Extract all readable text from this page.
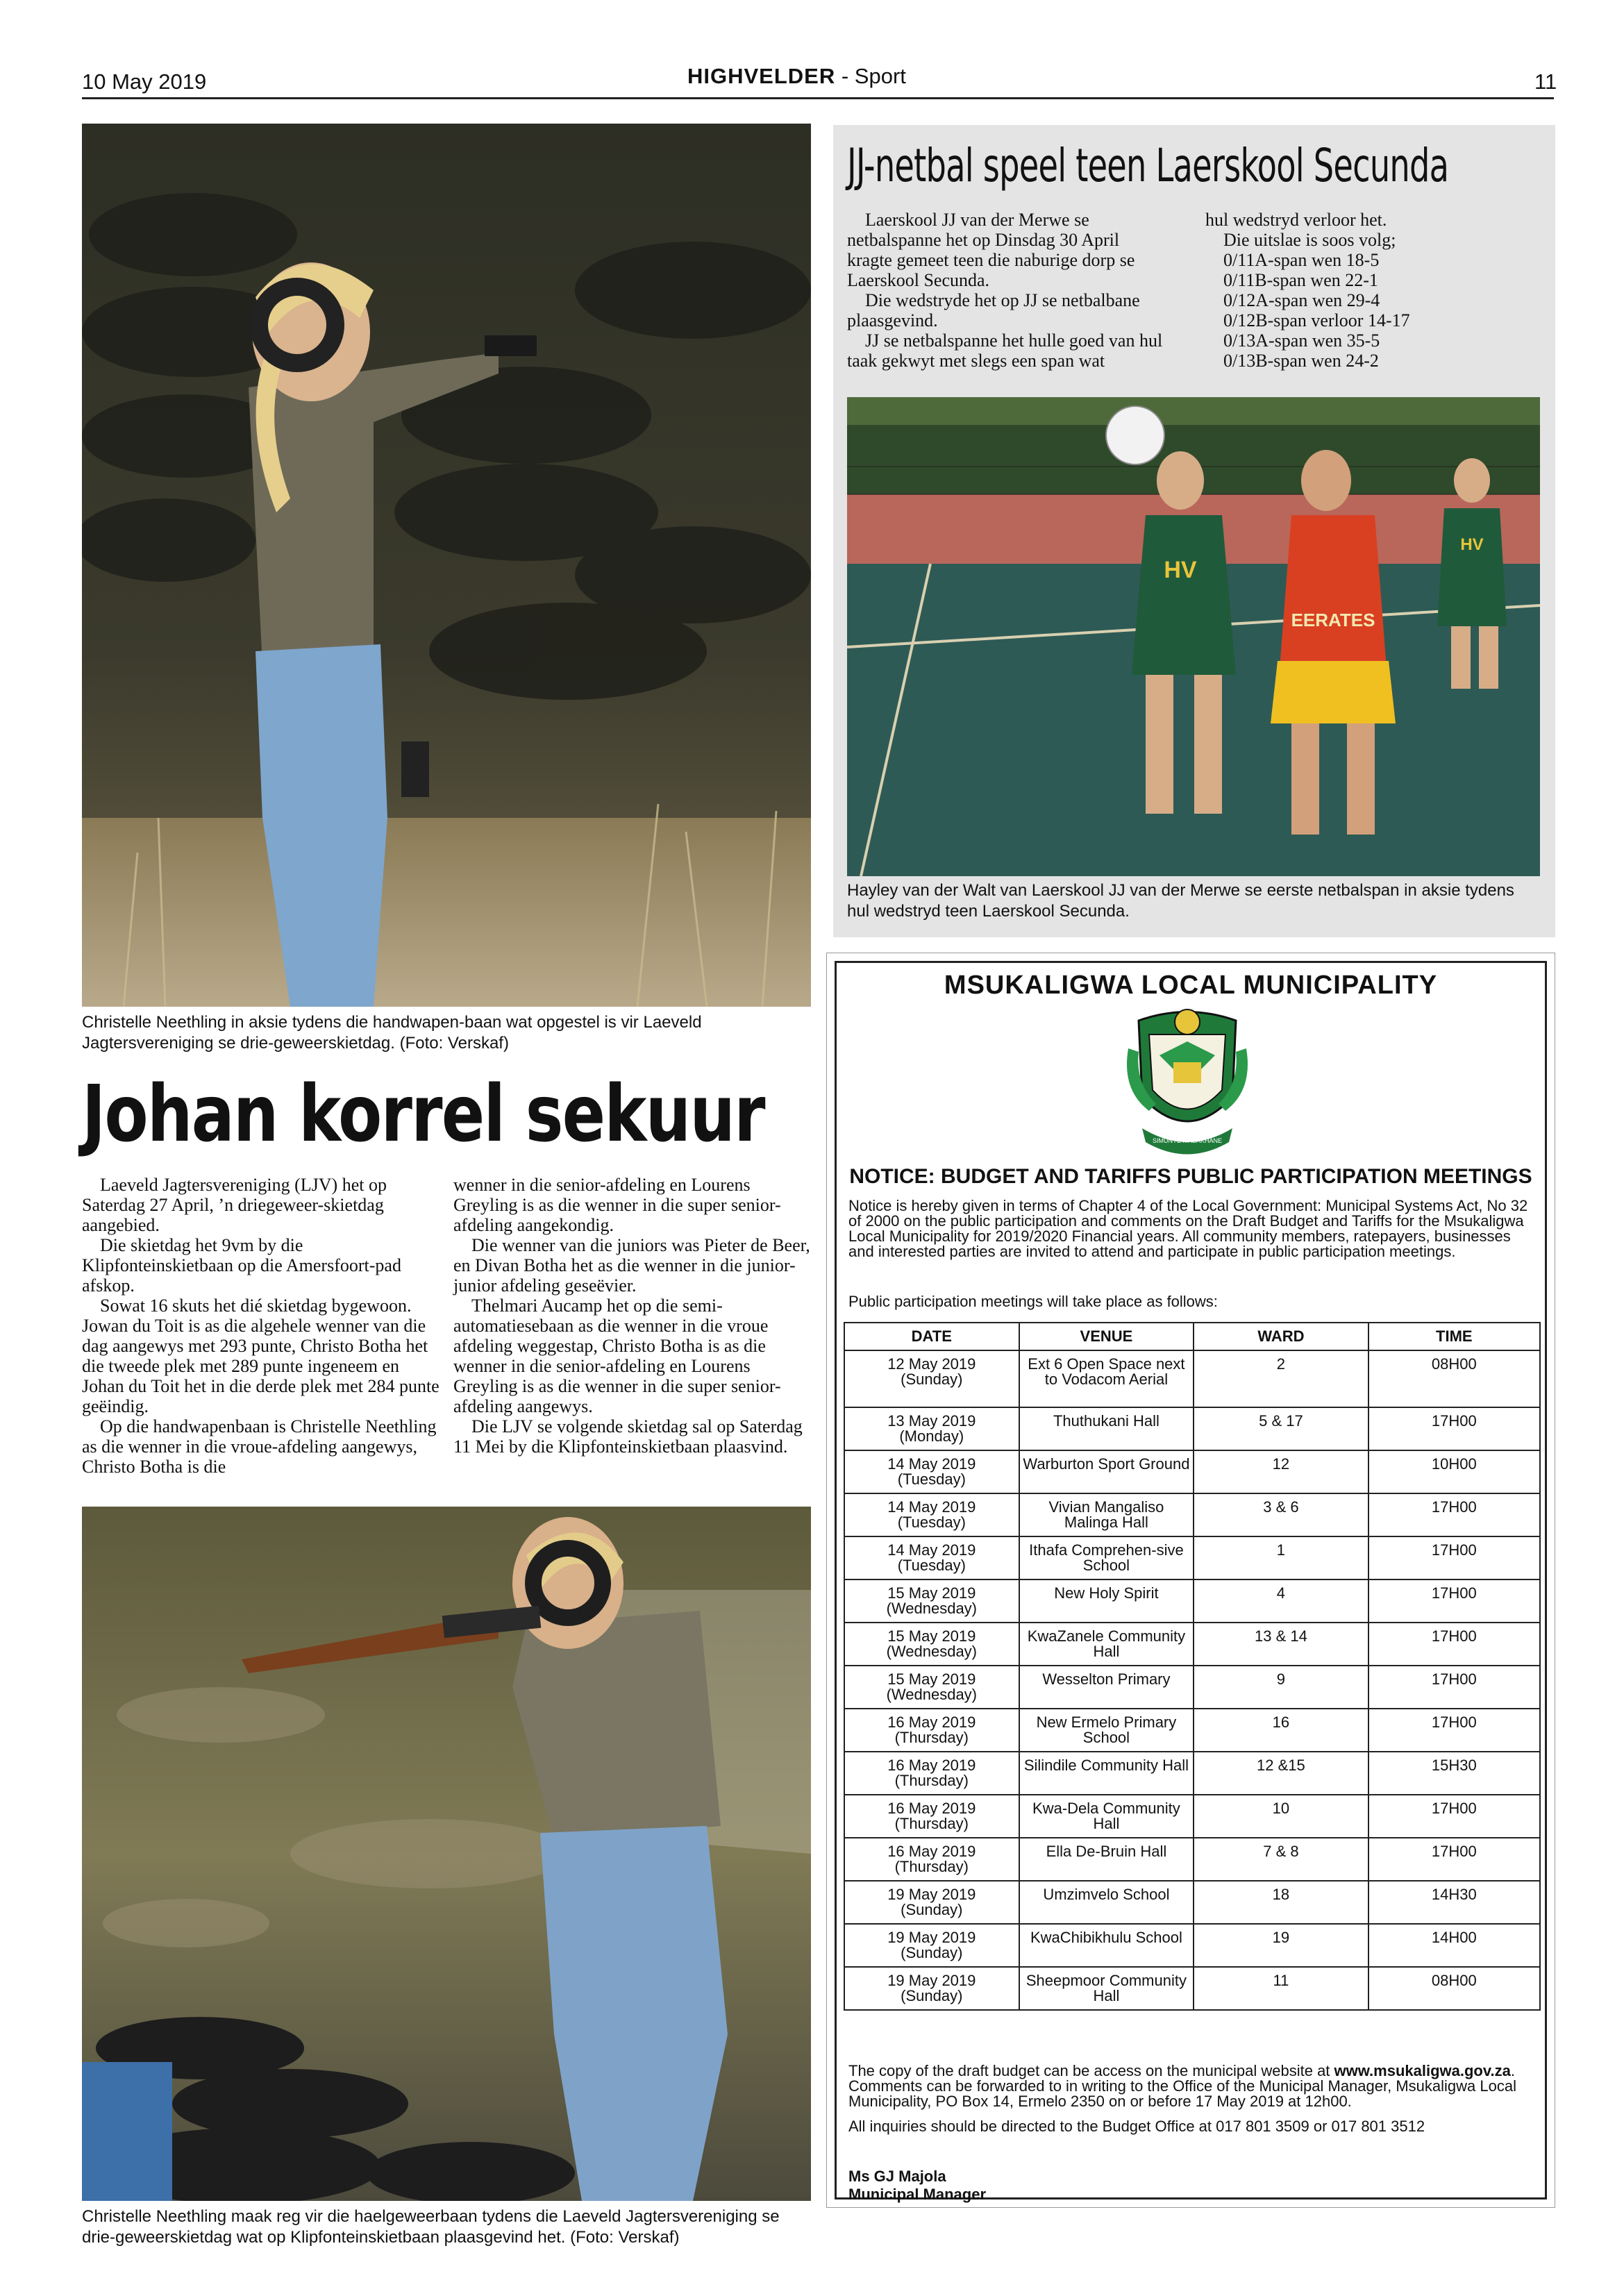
10 May 2019	HIGHVELDER - Sport	11
Christelle Neethling in aksie tydens die handwapen-baan wat opgestel is vir Laeveld Jagtersvereniging se drie-geweerskietdag. (Foto: Verskaf)
Johan korrel sekuur

Laeveld Jagtersvereniging (LJV) het op Saterdag 27 April, ’n driegeweer-skietdag aangebied.

Die skietdag het 9vm by die Klipfonteinskietbaan op die Amersfoort-pad afskop.

Sowat 16 skuts het dié skietdag bygewoon. Jowan du Toit is as die algehele wenner van die dag aangewys met 293 punte, Christo Botha het die tweede plek met 289 punte ingeneem en Johan du Toit het in die derde plek met 284 punte geëindig.

Op die handwapenbaan is Christelle Neethling as die wenner in die vroue-afdeling aangewys, Christo Botha is die

wenner in die senior-afdeling en Lourens Greyling is as die wenner in die super senior-afdeling aangekondig.

Die wenner van die juniors was Pieter de Beer, en Divan Botha het as die wenner in die junior-junior afdeling geseëvier.

Thelmari Aucamp het op die semi-automatiesebaan as die wenner in die vroue afdeling weggestap, Christo Botha is as die wenner in die senior-afdeling en Lourens Greyling is as die wenner in die super senior-afdeling aangewys.

Die LJV se volgende skietdag sal op Saterdag 11 Mei by die Klipfonteinskietbaan plaasvind.

Christelle Neethling maak reg vir die haelgeweerbaan tydens die Laeveld Jagtersvereniging se drie-geweerskietdag wat op Klipfonteinskietbaan plaasgevind het. (Foto: Verskaf)
JJ-netbal speel teen Laerskool Secunda

Laerskool JJ van der Merwe se netbalspanne het op Dinsdag 30 April kragte gemeet teen die naburige dorp se Laerskool Secunda.

Die wedstryde het op JJ se netbalbane plaasgevind.

JJ se netbalspanne het hulle goed van hul taak gekwyt met slegs een span wat

hul wedstryd verloor het.

Die uitslae is soos volg;

0/11A-span wen 18-5

0/11B-span wen 22-1

0/12A-span wen 29-4

0/12B-span verloor 14-17

0/13A-span wen 35-5

0/13B-span wen 24-2

HV
EERATES
HV
Hayley van der Walt van Laerskool JJ van der Merwe se eerste netbalspan in aksie tydens hul wedstryd teen Laerskool Secunda.
MSUKALIGWA LOCAL MUNICIPALITY
SIMUNYE MASAKHANE
NOTICE: BUDGET AND TARIFFS PUBLIC PARTICIPATION MEETINGS
Notice is hereby given in terms of Chapter 4 of the Local Government: Municipal Systems Act, No 32 of 2000 on the public participation and comments on the Draft Budget and Tariffs for the Msukaligwa Local Municipality for 2019/2020 Financial years. All community members, ratepayers, businesses and interested parties are invited to attend and participate in public participation meetings.
Public participation meetings will take place as follows:
DATE	VENUE	WARD	TIME

12 May 2019
(Sunday)	Ext 6 Open Space next to Vodacom Aerial	2	08H00

13 May 2019
(Monday)	Thuthukani Hall	5 & 17	17H00

14 May 2019
(Tuesday)	Warburton Sport Ground	12	10H00

14 May 2019
(Tuesday)	Vivian Mangaliso Malinga Hall	3 & 6	17H00

14 May 2019
(Tuesday)	Ithafa Comprehen-sive School	1	17H00

15 May 2019
(Wednesday)	New Holy Spirit	4	17H00

15 May 2019
(Wednesday)	KwaZanele Community Hall	13 & 14	17H00

15 May 2019
(Wednesday)	Wesselton Primary	9	17H00

16 May 2019
(Thursday)	New Ermelo Primary School	16	17H00

16 May 2019
(Thursday)	Silindile Community Hall	12 &15	15H30

16 May 2019
(Thursday)	Kwa-Dela Community Hall	10	17H00

16 May 2019
(Thursday)	Ella De-Bruin Hall	7 & 8	17H00

19 May 2019
(Sunday)	Umzimvelo School	18	14H30

19 May 2019
(Sunday)	KwaChibikhulu School	19	14H00

19 May 2019
(Sunday)	Sheepmoor Community Hall	11	08H00

The copy of the draft budget can be access on the municipal website at www.msukaligwa.gov.za. Comments can be forwarded to in writing to the Office of the Municipal Manager, Msukaligwa Local Municipality, PO Box 14, Ermelo 2350 on or before 17 May 2019 at 12h00.

All inquiries should be directed to the Budget Office at 017 801 3509 or 017 801 3512

Ms GJ Majola
Municipal Manager
